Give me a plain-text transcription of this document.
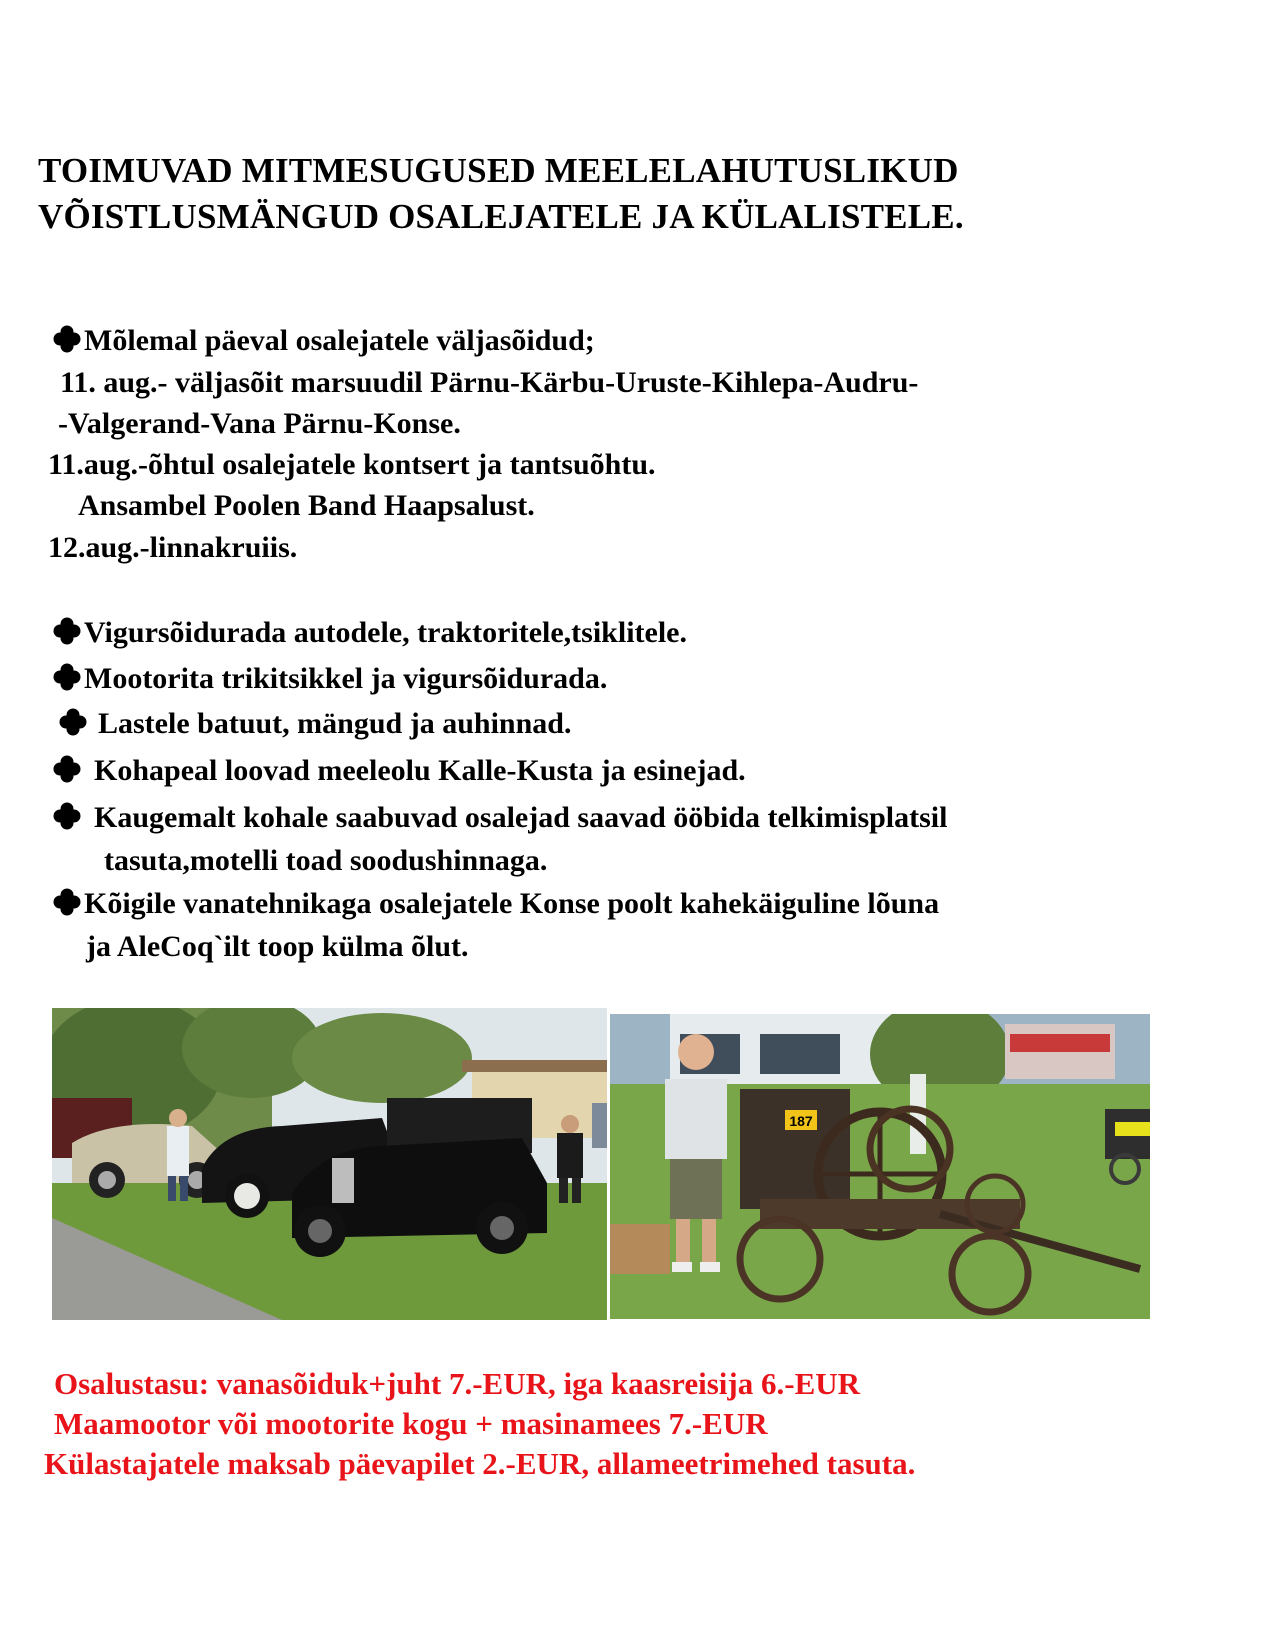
TOIMUVAD MITMESUGUSED MEELELAHUTUSLIKUD
VÕISTLUSMÄNGUD OSALEJATELE JA KÜLALISTELE.
Mõlemal päeval osalejatele väljasõidud;
11. aug.- väljasõit marsuudil Pärnu-Kärbu-Uruste-Kihlepa-Audru-
-Valgerand-Vana Pärnu-Konse.
11.aug.-õhtul osalejatele kontsert ja tantsuõhtu.
Ansambel Poolen Band Haapsalust.
12.aug.-linnakruiis.
Vigursõidurada autodele, traktoritele,tsiklitele.
Mootorita trikitsikkel ja vigursõidurada.
Lastele batuut, mängud ja auhinnad.
Kohapeal loovad meeleolu Kalle-Kusta ja esinejad.
Kaugemalt kohale saabuvad osalejad saavad ööbida telkimisplatsil
tasuta,motelli toad soodushinnaga.
Kõigile vanatehnikaga osalejatele Konse poolt kahekäiguline lõuna
ja AleCoq`ilt toop külma õlut.
187
Osalustasu: vanasõiduk+juht 7.-EUR, iga kaasreisija 6.-EUR
Maamootor või mootorite kogu + masinamees 7.-EUR
Külastajatele maksab päevapilet 2.-EUR, allameetrimehed tasuta.
